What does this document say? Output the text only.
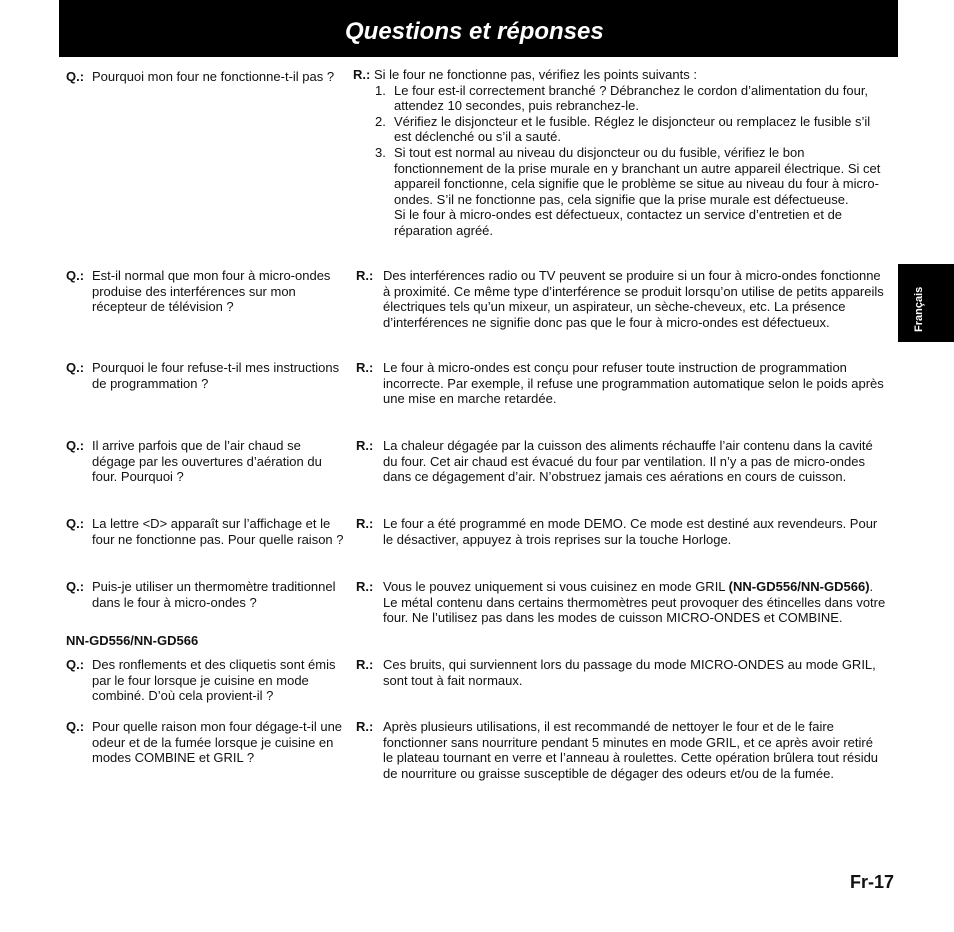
Questions et réponses
Français
Q.: Pourquoi mon four ne fonctionne-t-il pas ?	R.: Si le four ne fonctionne pas, vérifiez les points suivants :
1. Le four est-il correctement branché ? Débranchez le cordon d’alimentation du four, attendez 10 secondes, puis rebranchez-le.
2. Vérifiez le disjoncteur et le fusible. Réglez le disjoncteur ou remplacez le fusible s’il est déclenché ou s’il a sauté.
3. Si tout est normal au niveau du disjoncteur ou du fusible, vérifiez le bon fonctionnement de la prise murale en y branchant un autre appareil électrique. Si cet appareil fonctionne, cela signifie que le problème se situe au niveau du four à micro-ondes. S’il ne fonctionne pas, cela signifie que la prise murale est défectueuse.
Si le four à micro-ondes est défectueux, contactez un service d’entretien et de réparation agréé.
Q.: Est-il normal que mon four à micro-ondes produise des interférences sur mon récepteur de télévision ?
R.: Des interférences radio ou TV peuvent se produire si un four à micro-ondes fonctionne à proximité. Ce même type d’interférence se produit lorsqu’on utilise de petits appareils électriques tels qu’un mixeur, un aspirateur, un sèche-cheveux, etc. La présence d’interférences ne signifie donc pas que le four à micro-ondes est défectueux.
Q.: Pourquoi le four refuse-t-il mes instructions de programmation ?
R.: Le four à micro-ondes est conçu pour refuser toute instruction de programmation incorrecte. Par exemple, il refuse une programmation automatique selon le poids après une mise en marche retardée.
Q.: Il arrive parfois que de l’air chaud se dégage par les ouvertures d’aération du four. Pourquoi ?
R.: La chaleur dégagée par la cuisson des aliments réchauffe l’air contenu dans la cavité du four. Cet air chaud est évacué du four par ventilation. Il n’y a pas de micro-ondes dans ce dégagement d’air. N’obstruez jamais ces aérations en cours de cuisson.
Q.: La lettre <D> apparaît sur l’affichage et le four ne fonctionne pas. Pour quelle raison ?
R.: Le four a été programmé en mode DEMO. Ce mode est destiné aux revendeurs. Pour le désactiver, appuyez à trois reprises sur la touche Horloge.
Q.: Puis-je utiliser un thermomètre traditionnel dans le four à micro-ondes ?
R.: Vous le pouvez uniquement si vous cuisinez en mode GRIL (NN-GD556/NN-GD566). Le métal contenu dans certains thermomètres peut provoquer des étincelles dans votre four. Ne l’utilisez pas dans les modes de cuisson MICRO-ONDES et COMBINE.
NN-GD556/NN-GD566
Q.: Des ronflements et des cliquetis sont émis par le four lorsque je cuisine en mode combiné. D’où cela provient-il ?
R.: Ces bruits, qui surviennent lors du passage du mode MICRO-ONDES au mode GRIL, sont tout à fait normaux.
Q.: Pour quelle raison mon four dégage-t-il une odeur et de la fumée lorsque je cuisine en modes COMBINE et GRIL ?
R.: Après plusieurs utilisations, il est recommandé de nettoyer le four et de le faire fonctionner sans nourriture pendant 5 minutes en mode GRIL, et ce après avoir retiré le plateau tournant en verre et l’anneau à roulettes. Cette opération brûlera tout résidu de nourriture ou graisse susceptible de dégager des odeurs et/ou de la fumée.
Fr-17
